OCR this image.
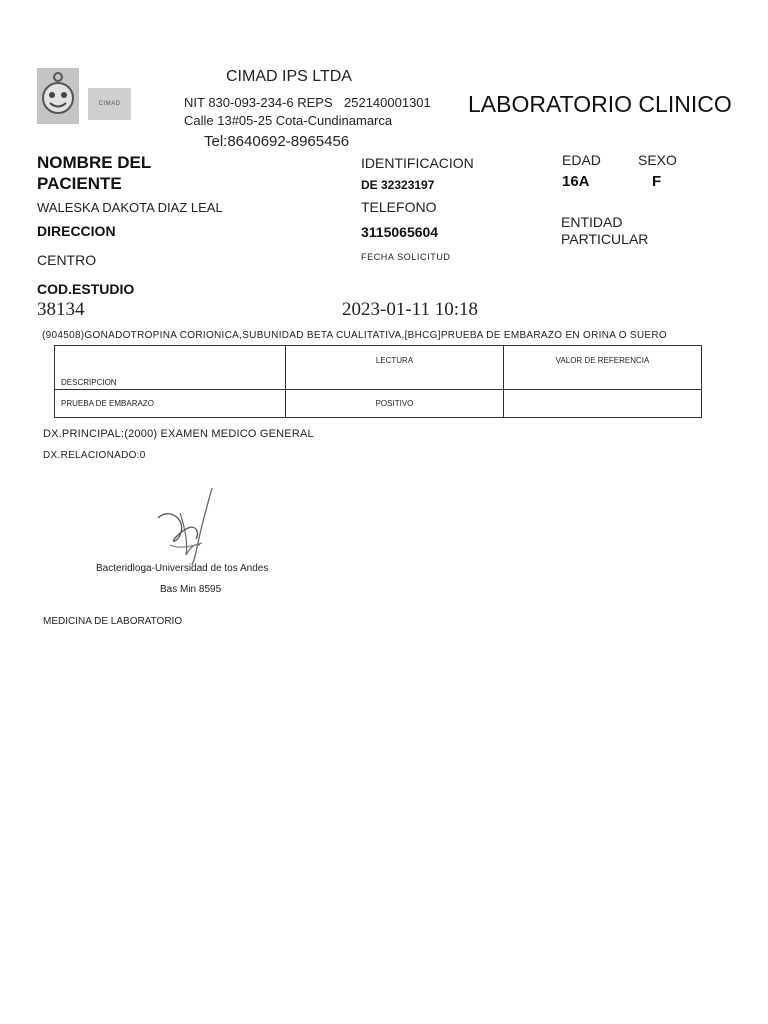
CIMAD
CIMAD IPS LTDA
NIT 830-093-234-6 REPS 252140001301
Calle 13#05-25 Cota-Cundinamarca
Tel:8640692-8965456
LABORATORIO CLINICO
NOMBRE DEL PACIENTE
IDENTIFICACION
DE 32323197
EDAD	SEXO
16A	F
WALESKA DAKOTA DIAZ LEAL	TELEFONO
ENTIDAD PARTICULAR
DIRECCION	3115065604
FECHA SOLICITUD
CENTRO
COD.ESTUDIO
38134	2023-01-11 10:18
(904508)GONADOTROPINA CORIONICA,SUBUNIDAD BETA CUALITATIVA,[BHCG]PRUEBA DE EMBARAZO EN ORINA O SUERO
DESCRIPCION	LECTURA	VALOR DE REFERENCIA
PRUEBA DE EMBARAZO	POSITIVO	
DX.PRINCIPAL:(2000) EXAMEN MEDICO GENERAL
DX.RELACIONADO:0
Bacteridloga-Universidad de tos Andes
Bas Min 8595
MEDICINA DE LABORATORIO
